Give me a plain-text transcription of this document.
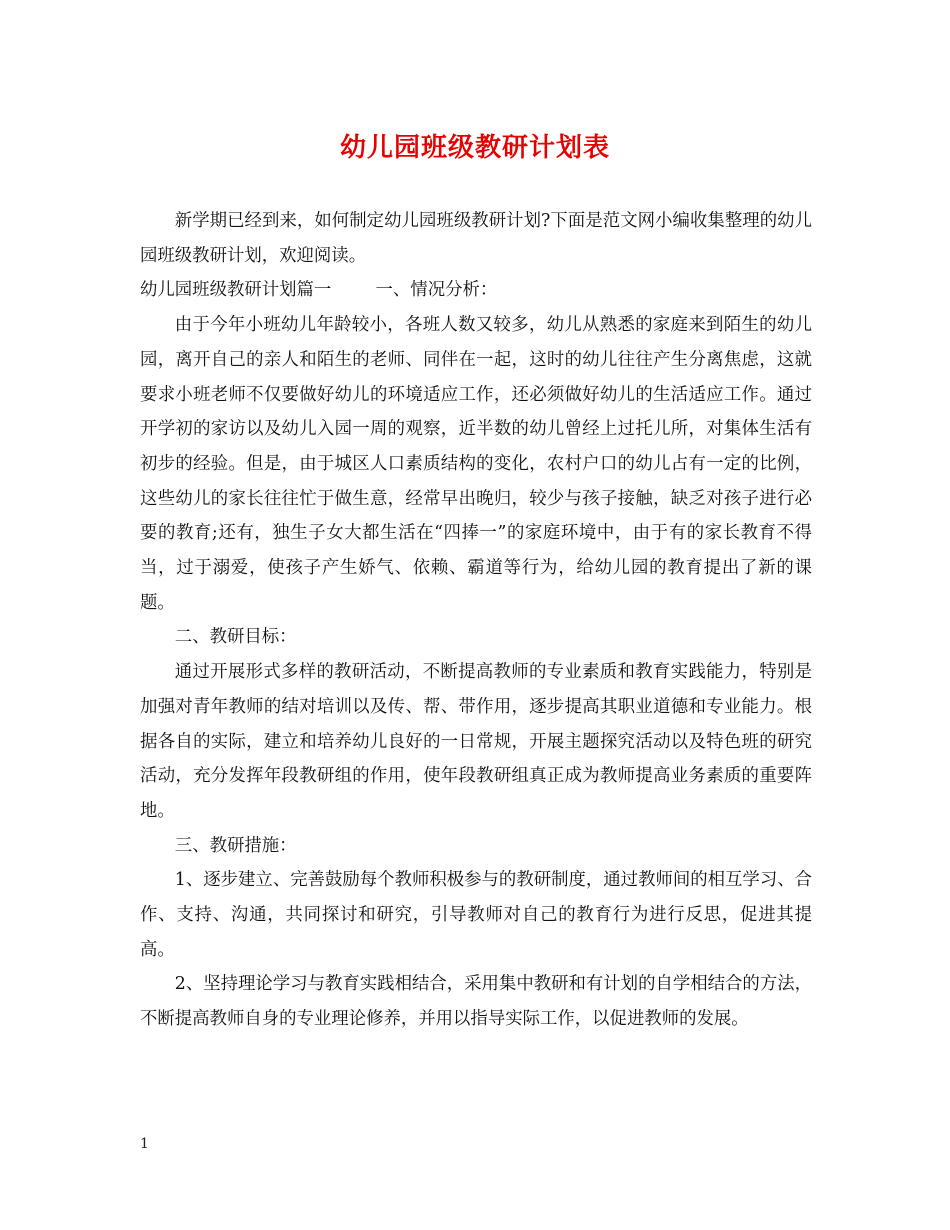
幼儿园班级教研计划表

新学期已经到来，如何制定幼儿园班级教研计划?下面是范文网小编收集整理的幼儿园班级教研计划，欢迎阅读。

幼儿园班级教研计划篇一        一、情况分析：

由于今年小班幼儿年龄较小，各班人数又较多，幼儿从熟悉的家庭来到陌生的幼儿园，离开自己的亲人和陌生的老师、同伴在一起，这时的幼儿往往产生分离焦虑，这就要求小班老师不仅要做好幼儿的环境适应工作，还必须做好幼儿的生活适应工作。通过开学初的家访以及幼儿入园一周的观察，近半数的幼儿曾经上过托儿所，对集体生活有初步的经验。但是，由于城区人口素质结构的变化，农村户口的幼儿占有一定的比例，这些幼儿的家长往往忙于做生意，经常早出晚归，较少与孩子接触，缺乏对孩子进行必要的教育;还有，独生子女大都生活在“四捧一”的家庭环境中，由于有的家长教育不得当，过于溺爱，使孩子产生娇气、依赖、霸道等行为，给幼儿园的教育提出了新的课题。

二、教研目标：

通过开展形式多样的教研活动，不断提高教师的专业素质和教育实践能力，特别是加强对青年教师的结对培训以及传、帮、带作用，逐步提高其职业道德和专业能力。根据各自的实际，建立和培养幼儿良好的一日常规，开展主题探究活动以及特色班的研究活动，充分发挥年段教研组的作用，使年段教研组真正成为教师提高业务素质的重要阵地。

三、教研措施：

1、逐步建立、完善鼓励每个教师积极参与的教研制度，通过教师间的相互学习、合作、支持、沟通，共同探讨和研究，引导教师对自己的教育行为进行反思，促进其提高。

2、坚持理论学习与教育实践相结合，采用集中教研和有计划的自学相结合的方法，不断提高教师自身的专业理论修养，并用以指导实际工作，以促进教师的发展。

1
